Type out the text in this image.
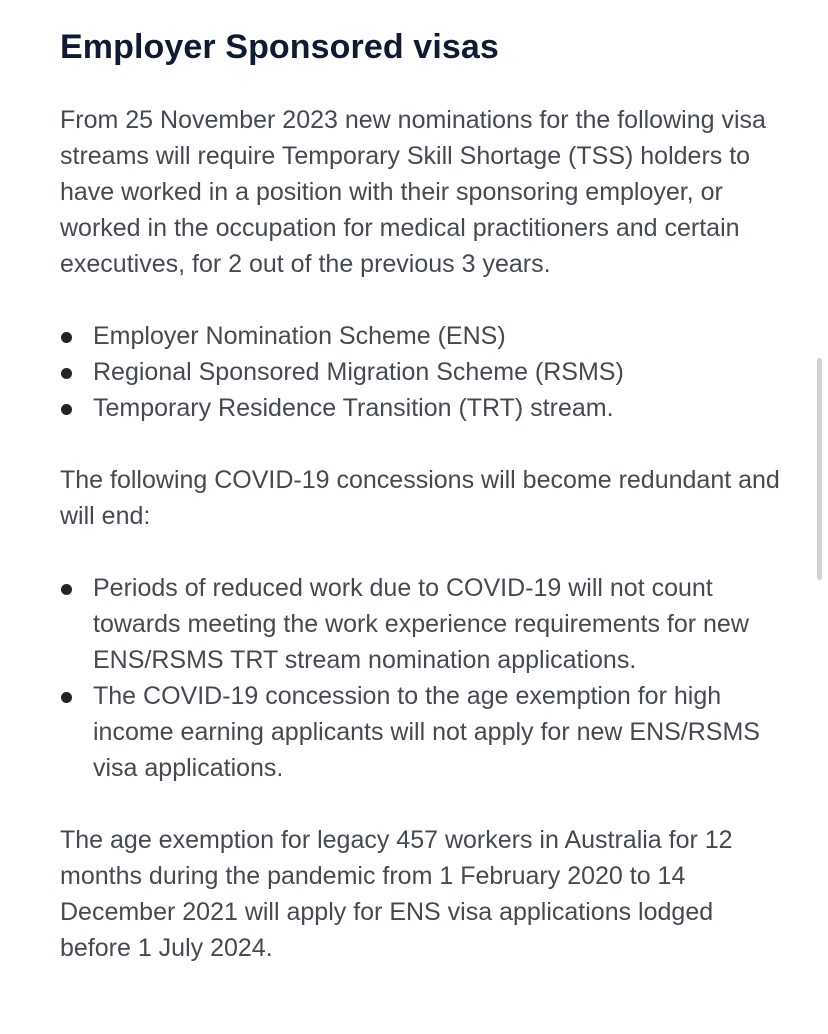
Employer Sponsored visas

From 25 November 2023 new nominations for the following visa streams will require Temporary Skill Shortage (TSS) holders to have worked in a position with their sponsoring employer, or worked in the occupation for medical practitioners and certain executives, for 2 out of the previous 3 years.

Employer Nomination Scheme (ENS)
Regional Sponsored Migration Scheme (RSMS)
Temporary Residence Transition (TRT) stream.

The following COVID-19 concessions will become redundant and will end:

Periods of reduced work due to COVID-19 will not count towards meeting the work experience requirements for new ENS/RSMS TRT stream nomination applications.
The COVID-19 concession to the age exemption for high income earning applicants will not apply for new ENS/RSMS visa applications.

The age exemption for legacy 457 workers in Australia for 12 months during the pandemic from 1 February 2020 to 14 December 2021 will apply for ENS visa applications lodged before 1 July 2024.
